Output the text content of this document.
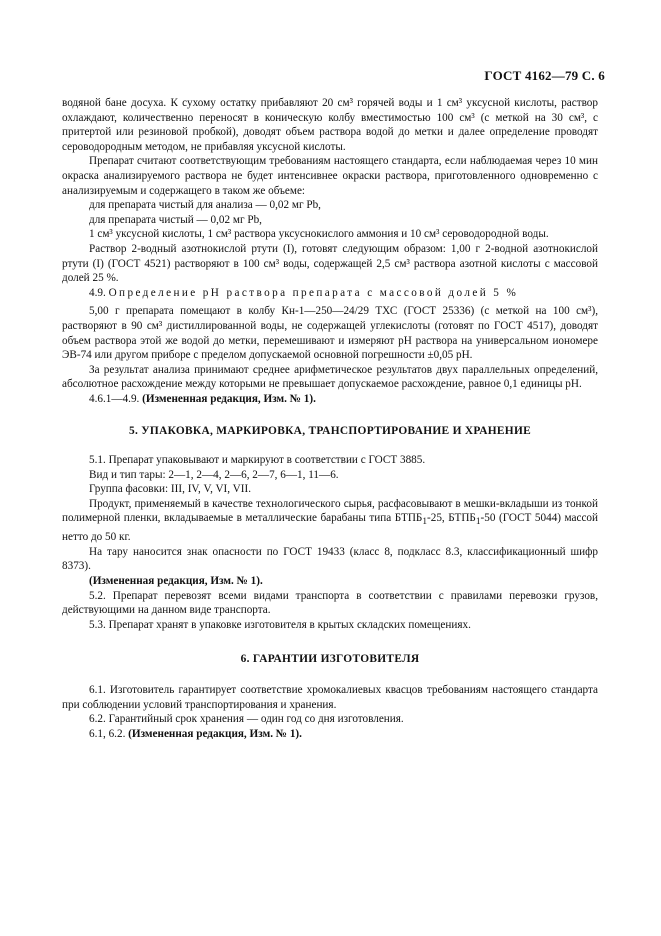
ГОСТ 4162—79 С. 6

водяной бане досуха. К сухому остатку прибавляют 20 см³ горячей воды и 1 см³ уксусной кислоты, раствор охлаждают, количественно переносят в коническую колбу вместимостью 100 см³ (с меткой на 30 см³, с притертой или резиновой пробкой), доводят объем раствора водой до метки и далее определение проводят сероводородным методом, не прибавляя уксусной кислоты.

Препарат считают соответствующим требованиям настоящего стандарта, если наблюдаемая через 10 мин окраска анализируемого раствора не будет интенсивнее окраски раствора, приготовленного одновременно с анализируемым и содержащего в таком же объеме:

для препарата чистый для анализа — 0,02 мг Pb,

для препарата чистый — 0,02 мг Pb,

1 см³ уксусной кислоты, 1 см³ раствора уксуснокислого аммония и 10 см³ сероводородной воды.

Раствор 2-водный азотнокислой ртути (I), готовят следующим образом: 1,00 г 2-водной азотнокислой ртути (I) (ГОСТ 4521) растворяют в 100 см³ воды, содержащей 2,5 см³ раствора азотной кислоты с массовой долей 25 %.

4.9. Определение pH раствора препарата с массовой долей 5 %

5,00 г препарата помещают в колбу Кн-1—250—24/29 ТХС (ГОСТ 25336) (с меткой на 100 см³), растворяют в 90 см³ дистиллированной воды, не содержащей углекислоты (готовят по ГОСТ 4517), доводят объем раствора этой же водой до метки, перемешивают и измеряют pH раствора на универсальном иономере ЭВ-74 или другом приборе с пределом допускаемой основной погрешности ±0,05 pH.

За результат анализа принимают среднее арифметическое результатов двух параллельных определений, абсолютное расхождение между которыми не превышает допускаемое расхождение, равное 0,1 единицы pH.

4.6.1—4.9. (Измененная редакция, Изм. № 1).

5. УПАКОВКА, МАРКИРОВКА, ТРАНСПОРТИРОВАНИЕ И ХРАНЕНИЕ

5.1. Препарат упаковывают и маркируют в соответствии с ГОСТ 3885.

Вид и тип тары: 2—1, 2—4, 2—6, 2—7, 6—1, 11—6.

Группа фасовки: III, IV, V, VI, VII.

Продукт, применяемый в качестве технологического сырья, расфасовывают в мешки-вкладыши из тонкой полимерной пленки, вкладываемые в металлические барабаны типа $БТПБ_1-25$, $БТПБ_1-50$ (ГОСТ 5044) массой нетто до 50 кг.

На тару наносится знак опасности по ГОСТ 19433 (класс 8, подкласс 8.3, классификационный шифр 8373).

(Измененная редакция, Изм. № 1).

5.2. Препарат перевозят всеми видами транспорта в соответствии с правилами перевозки грузов, действующими на данном виде транспорта.

5.3. Препарат хранят в упаковке изготовителя в крытых складских помещениях.

6. ГАРАНТИИ ИЗГОТОВИТЕЛЯ

6.1. Изготовитель гарантирует соответствие хромокалиевых квасцов требованиям настоящего стандарта при соблюдении условий транспортирования и хранения.

6.2. Гарантийный срок хранения — один год со дня изготовления.

6.1, 6.2. (Измененная редакция, Изм. № 1).
